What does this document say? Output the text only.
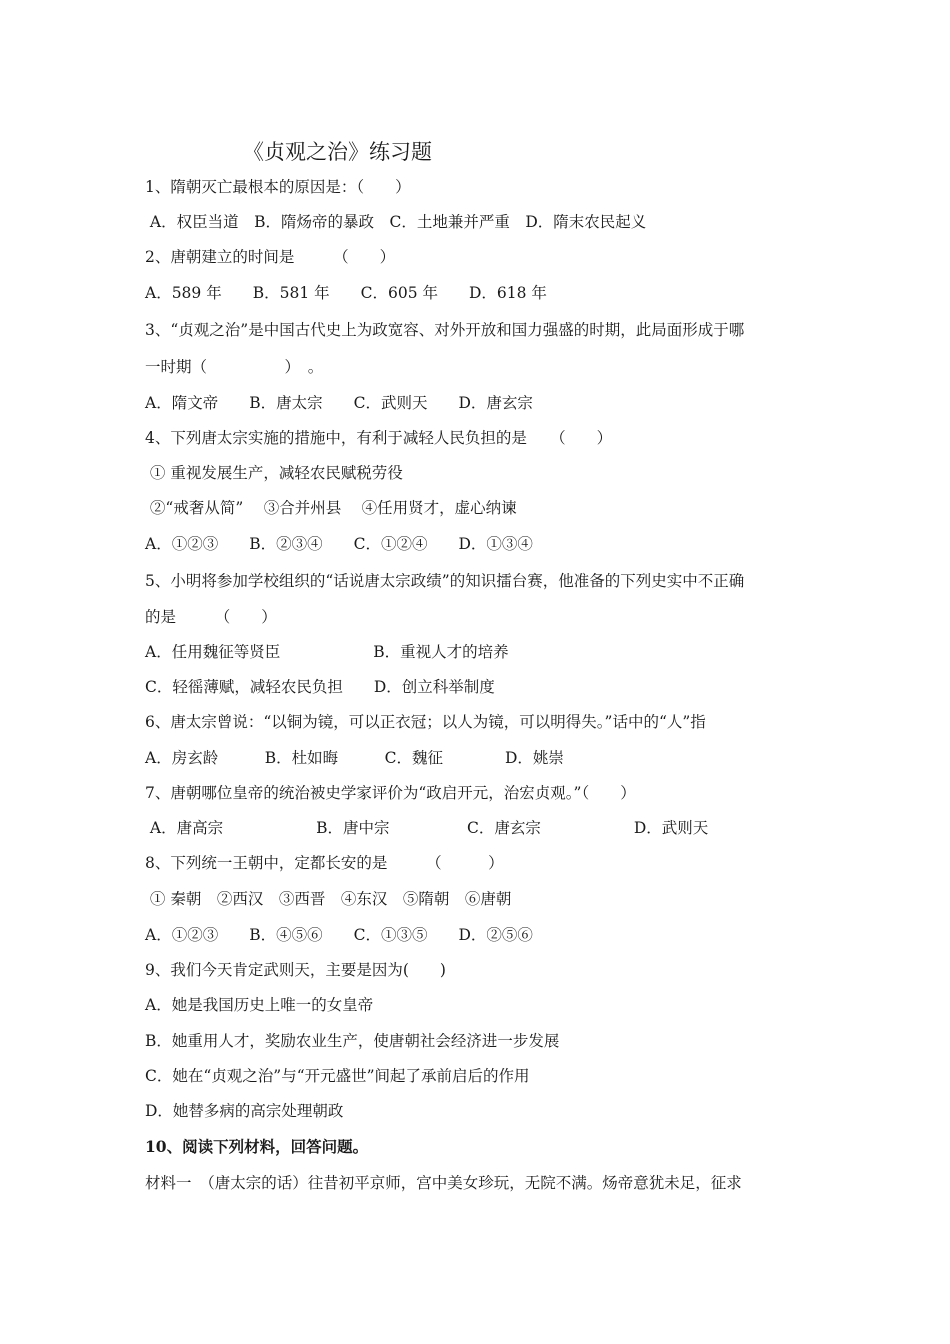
《贞观之治》练习题
1、隋朝灭亡最根本的原因是：（　　）
A．权臣当道　B．隋炀帝的暴政　C．土地兼并严重　D．隋末农民起义
2、唐朝建立的时间是　　　（　　）
A．589 年　　B．581 年　　C．605 年　　D．618 年
3、“贞观之治”是中国古代史上为政宽容、对外开放和国力强盛的时期，此局面形成于哪
一时期（　　　　　）　。
A．隋文帝　　B．唐太宗　　C．武则天　　D．唐玄宗
4、下列唐太宗实施的措施中，有利于减轻人民负担的是　　（　　）
① 重视发展生产，减轻农民赋税劳役
②“戒奢从简”　 ③合并州县　 ④任用贤才，虚心纳谏
A．①②③　　B．②③④　　C．①②④　　D．①③④
5、小明将参加学校组织的“话说唐太宗政绩”的知识擂台赛，他准备的下列史实中不正确
的是　　　（　　）
A．任用魏征等贤臣　　　　　　B．重视人才的培养
C．轻徭薄赋，减轻农民负担　　D．创立科举制度
6、唐太宗曾说：“以铜为镜，可以正衣冠；以人为镜，可以明得失。”话中的“人”指
A．房玄龄　　　B．杜如晦　　　C．魏征　　　　D．姚崇
7、唐朝哪位皇帝的统治被史学家评价为“政启开元，治宏贞观。”（　　）
A．唐高宗　　　　　　B．唐中宗　　　　　C．唐玄宗　　　　　　D．武则天
8、下列统一王朝中，定都长安的是　　　（　　　）
① 秦朝　②西汉　③西晋　④东汉　⑤隋朝　⑥唐朝
A．①②③　　B．④⑤⑥　　C．①③⑤　　D．②⑤⑥
9、我们今天肯定武则天，主要是因为(　　)
A．她是我国历史上唯一的女皇帝
B．她重用人才，奖励农业生产，使唐朝社会经济进一步发展
C．她在“贞观之治”与“开元盛世”间起了承前启后的作用
D．她替多病的高宗处理朝政
10、阅读下列材料，回答问题。
材料一　（唐太宗的话）往昔初平京师，宫中美女珍玩，无院不满。炀帝意犹未足，征求
